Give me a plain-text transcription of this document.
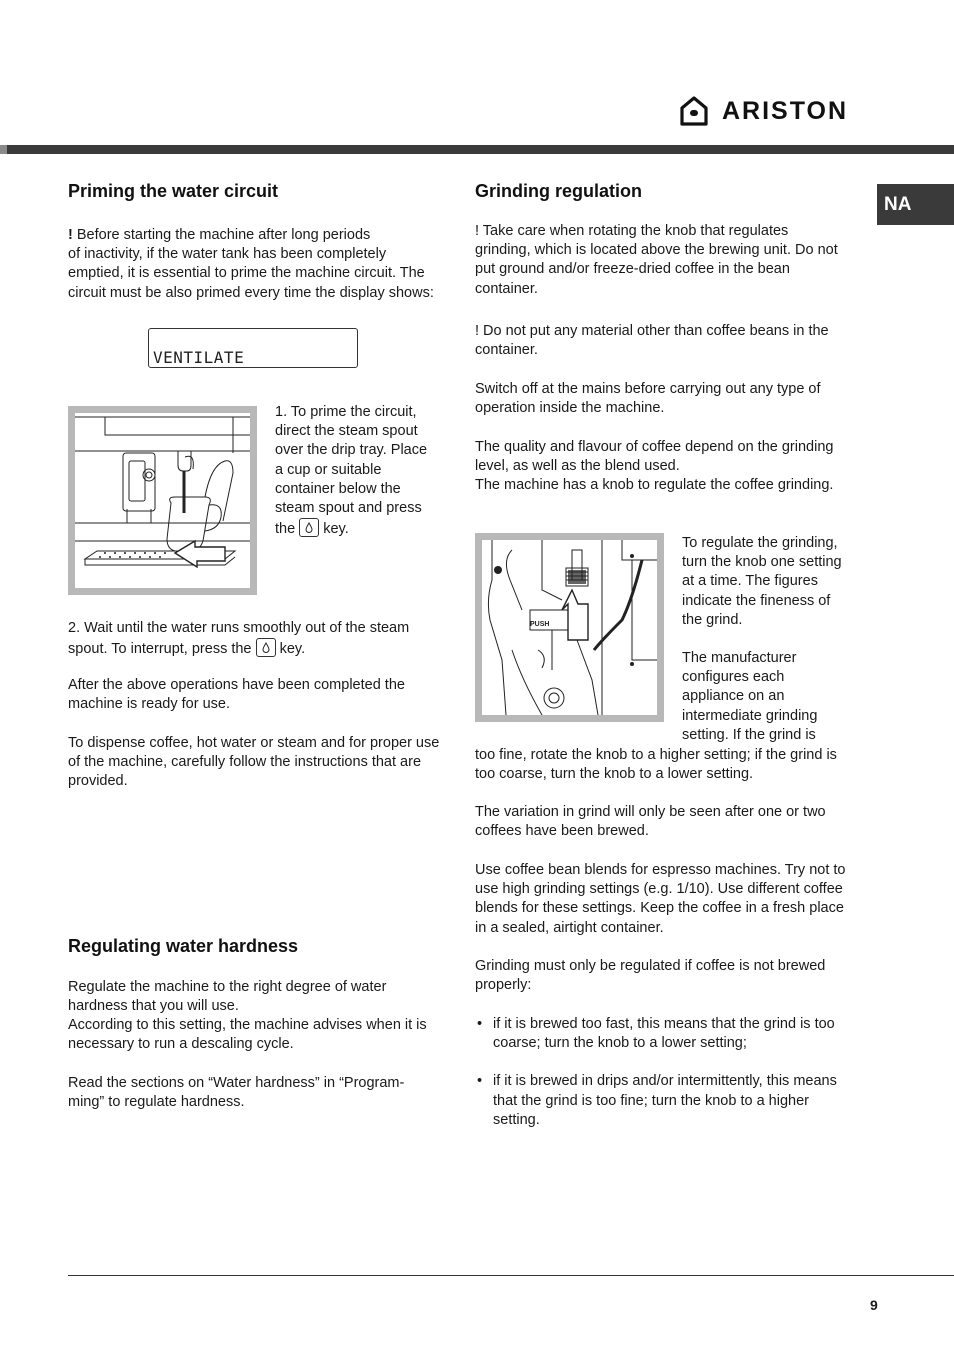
ARISTON
NA
Priming the water circuit

! Before starting the machine after long periods
of inactivity, if the water tank has been completely emptied, it is essential to prime the machine circuit. The circuit must be also primed every time the display shows:

VENTILATE

1. To prime the circuit, direct the steam spout over the drip tray. Place a cup or suitable container below the steam spout and press the
key.

2. Wait until the water runs smoothly out of the steam spout. To interrupt, press the
key.

After the above operations have been completed the machine is ready for use.

To dispense coffee, hot water or steam and for proper use of the machine, carefully follow the instructions that are provided.

Regulating water hardness

Regulate the machine to the right degree of water hardness that you will use.

According to this setting, the machine advises when it is necessary to run a descaling cycle.

Read the sections on “Water hardness” in “Program-ming” to regulate hardness.

Grinding regulation

! Take care when rotating the knob that regulates grinding, which is located above the brewing unit. Do not put ground and/or freeze-dried coffee in the bean container.

! Do not put any material other than coffee beans in the container.

Switch off at the mains before carrying out any type of operation inside the machine.

The quality and flavour of coffee depend on the grinding level, as well as the blend used.
The machine has a knob to regulate the coffee grinding.

PUSH

To regulate the grinding, turn the knob one setting at a time. The figures indicate the fineness of the grind.

The manufacturer configures each appliance on an intermediate grinding setting. If the grind is

too fine, rotate the knob to a higher setting; if the grind is too coarse, turn the knob to a lower setting.

The variation in grind will only be seen after one or two coffees have been brewed.

Use coffee bean blends for espresso machines. Try not to use high grinding settings (e.g. 1/10). Use different coffee blends for these settings. Keep the coffee in a fresh place in a sealed, airtight container.

Grinding must only be regulated if coffee is not brewed properly:

• if it is brewed too fast, this means that the grind is too coarse; turn the knob to a lower setting;
• if it is brewed in drips and/or intermittently, this means that the grind is too fine; turn the knob to a higher setting.
9
